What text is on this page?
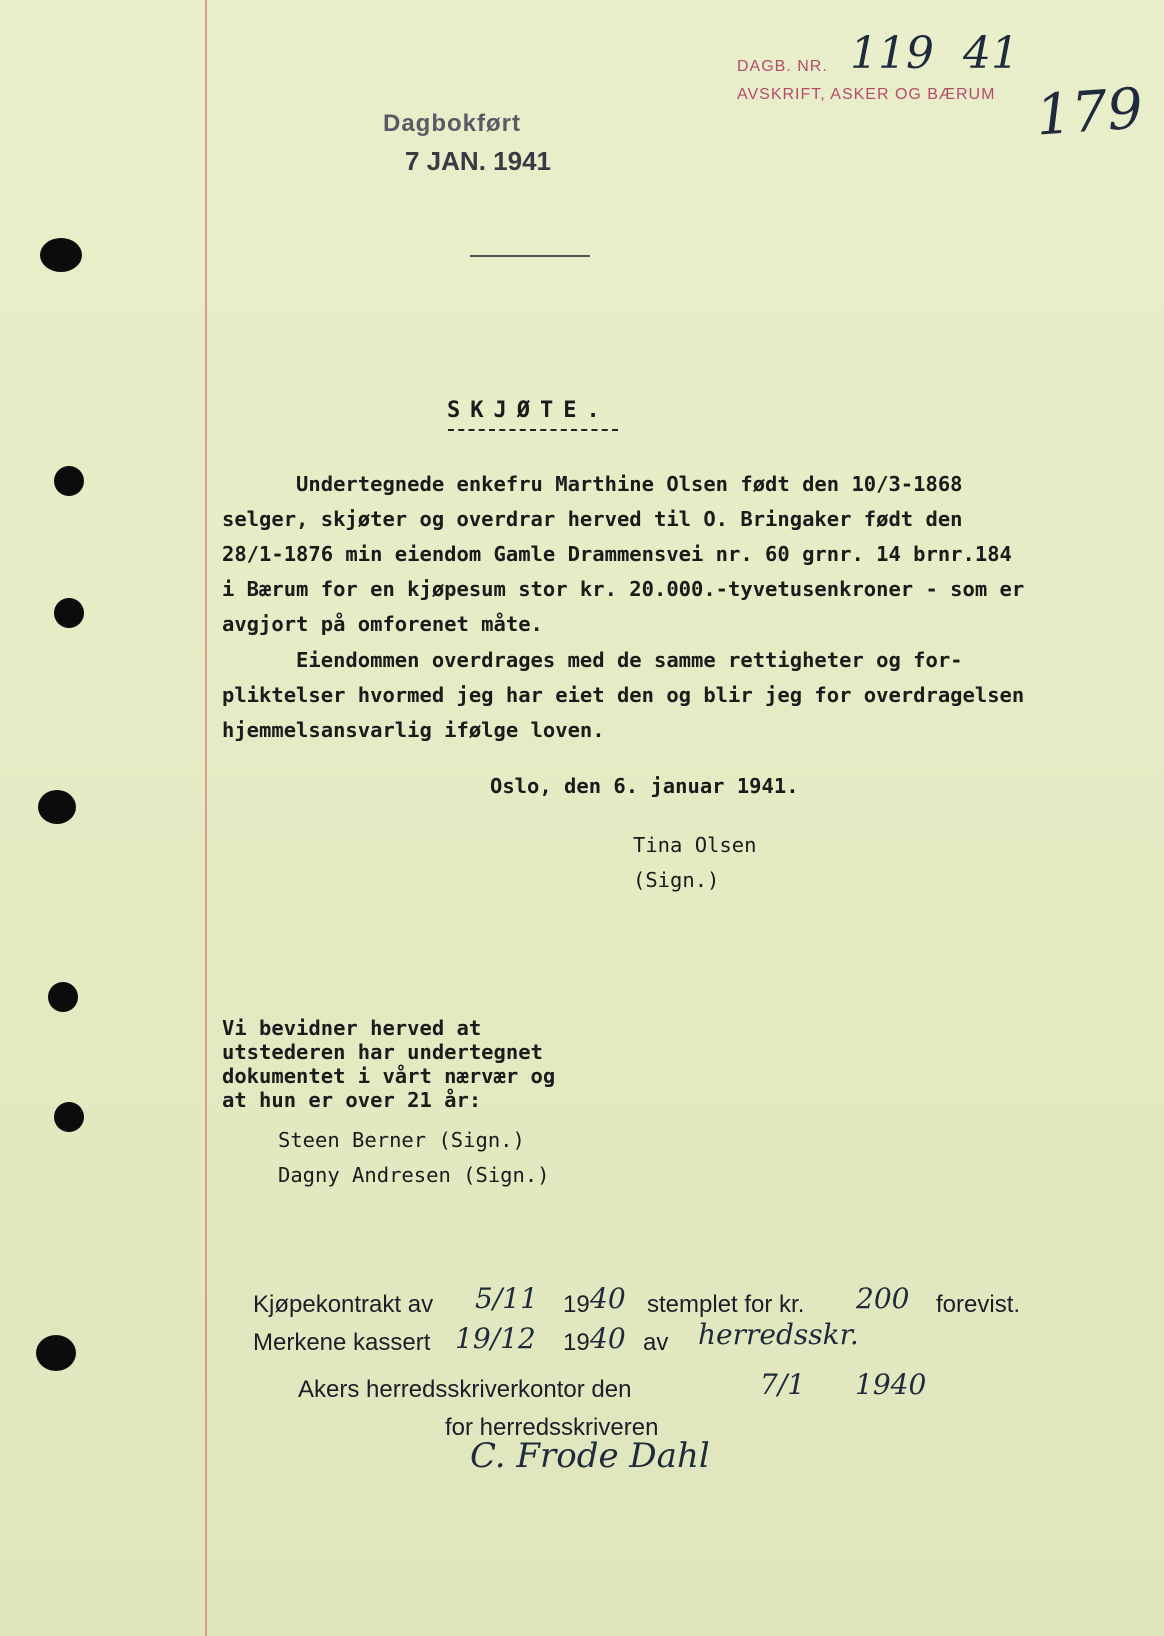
Dagbokført
7 JAN. 1941
DAGB. NR.
AVSKRIFT, ASKER OG BÆRUM
119 41
179
SKJØTE.
Undertegnede enkefru Marthine Olsen født den 10/3-1868
selger, skjøter og overdrar herved til O. Bringaker født den
28/1-1876 min eiendom Gamle Drammensvei nr. 60 grnr. 14 brnr.184
i Bærum for en kjøpesum stor kr. 20.000.-tyvetusenkroner - som er
avgjort på omforenet måte.
Eiendommen overdrages med de samme rettigheter og for-
pliktelser hvormed jeg har eiet den og blir jeg for overdragelsen
hjemmelsansvarlig ifølge loven.
Oslo, den 6. januar 1941.
Tina Olsen
(Sign.)
Vi bevidner herved at
utstederen har undertegnet
dokumentet i vårt nærvær og
at hun er over 21 år:
Steen Berner (Sign.)
Dagny Andresen (Sign.)
Kjøpekontrakt av 5/11 19 40 stemplet for kr. 200 forevist.
Merkene kassert 19/12 19 40 av herredsskr.
Akers herredsskriverkontor den	7/1 1940
for herredsskriveren
C. Frode Dahl
